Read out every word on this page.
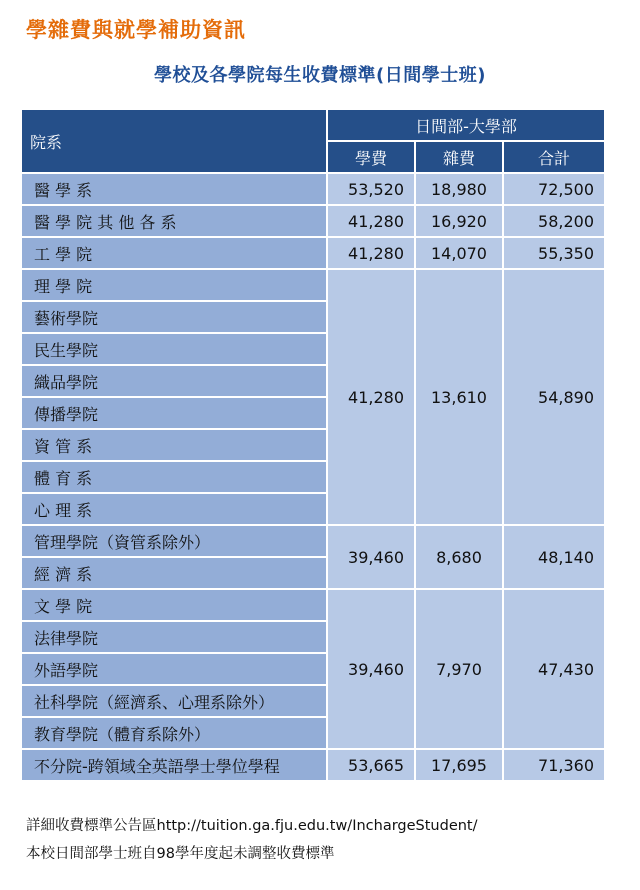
學雜費與就學補助資訊
學校及各學院每生收費標準(日間學士班)
院系	日間部-大學部		
	學費	雜費	合計
醫 學 系	53,520	18,980	72,500
醫 學 院 其 他 各 系	41,280	16,920	58,200
工 學 院	41,280	14,070	55,350
理 學 院	41,280	13,610	54,890
藝術學院			
民生學院			
織品學院			
傳播學院			
資 管 系			
體 育 系			
心 理 系			
管理學院（資管系除外）	39,460	8,680	48,140
經 濟 系			
文 學 院	39,460	7,970	47,430
法律學院			
外語學院			
社科學院（經濟系、心理系除外）			
教育學院（體育系除外）			
不分院-跨領域全英語學士學位學程	53,665	17,695	71,360
詳細收費標準公告區http://tuition.ga.fju.edu.tw/InchargeStudent/
本校日間部學士班自98學年度起未調整收費標準
